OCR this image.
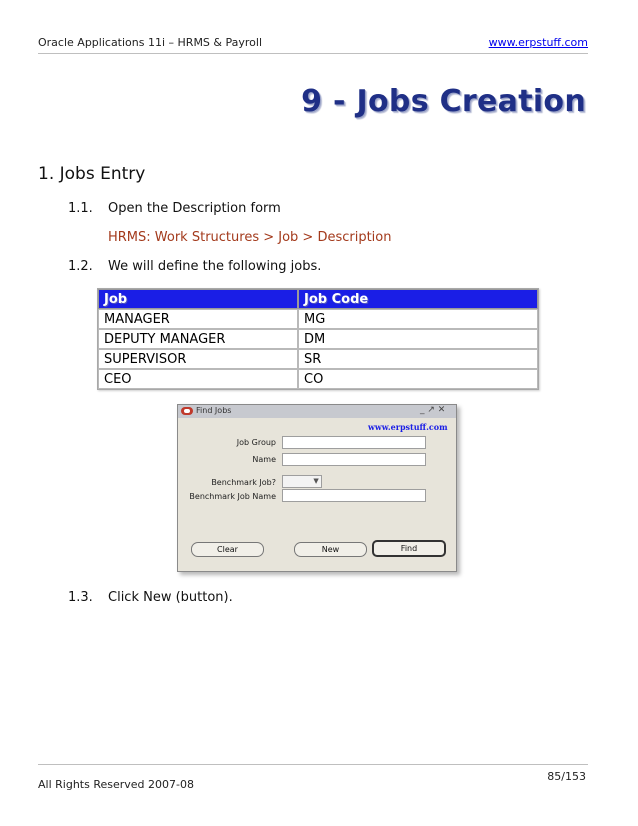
Oracle Applications 11i – HRMS & Payroll	www.erpstuff.com
9 - Jobs Creation
1. Jobs Entry
1.1. Open the Description form
HRMS: Work Structures > Job > Description
1.2. We will define the following jobs.
Job	Job Code
MANAGER	MG
DEPUTY MANAGER	DM
SUPERVISOR	SR
CEO	CO
Find Jobs	_ ↗ ✕
www.erpstuff.com
Job Group
Name
Benchmark Job?	▼
Benchmark Job Name
Clear	New	Find
1.3. Click New (button).
All Rights Reserved 2007-08
85/153
